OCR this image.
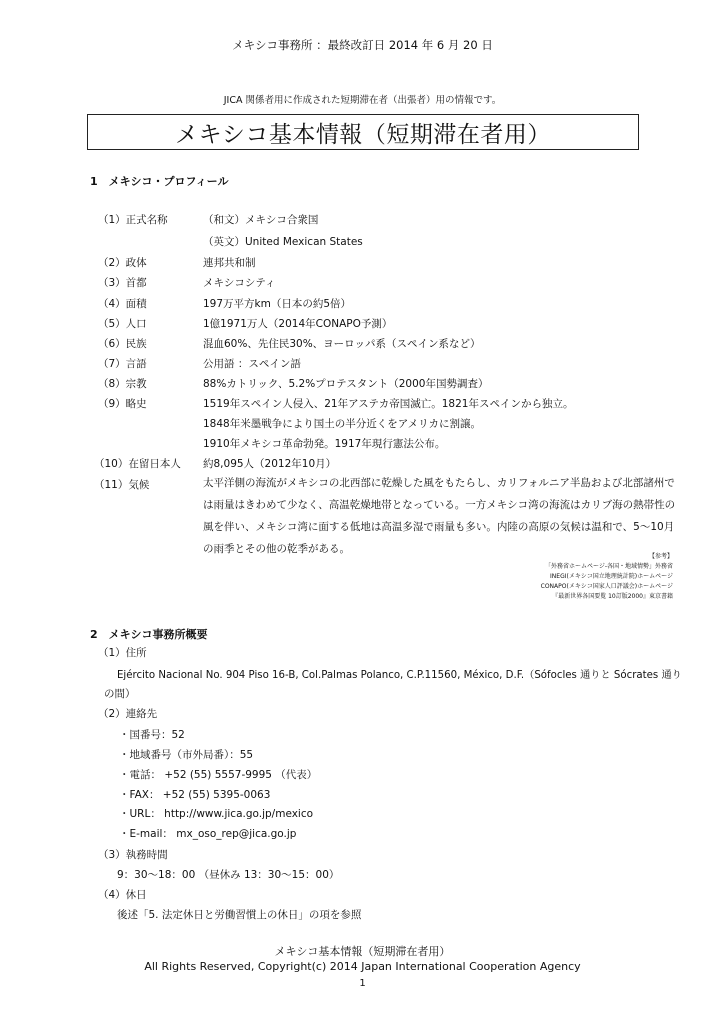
メキシコ事務所 ：最終改訂日 2014 年 6 月 20 日
JICA 関係者用に作成された短期滞在者（出張者）用の情報です。
メキシコ基本情報（短期滞在者用）
1　メキシコ・プロフィール
（1）正式名称	（和文）メキシコ合衆国
（英文）United Mexican States
（2）政体	連邦共和制
（3）首都	メキシコシティ
（4）面積	197万平方km（日本の約5倍）
（5）人口	1億1971万人（2014年CONAPO予測）
（6）民族	混血60%、先住民30%、ヨーロッパ系（スペイン系など）
（7）言語	公用語 ：スペイン語
（8）宗教	88%カトリック、5.2%プロテスタント（2000年国勢調査）
（9）略史	1519年スペイン人侵入、21年アステカ帝国滅亡。1821年スペインから独立。
1848年米墨戦争により国土の半分近くをアメリカに割譲。
1910年メキシコ革命勃発。1917年現行憲法公布。
（10）在留日本人 約8,095人（2012年10月）
（11）気候	太平洋側の海流がメキシコの北西部に乾燥した風をもたらし、カリフォルニア半島および北部諸州では雨量はきわめて少なく、高温乾燥地帯となっている。一方メキシコ湾の海流はカリブ海の熱帯性の風を伴い、メキシコ湾に面する低地は高温多湿で雨量も多い。内陸の高原の気候は温和で、5〜10月の雨季とその他の乾季がある。
【参考】
「外務省ホームページ-各国・地域情勢」外務省
INEGI(メキシコ国立地理統計院)ホームページ
CONAPO(メキシコ国家人口評議会)ホームページ
『最新世界各国要覧 10訂版2000』東京書籍
2　メキシコ事務所概要
（1）住所
Ejército Nacional No. 904 Piso 16-B, Col.Palmas Polanco, C.P.11560, México, D.F.（Sófocles 通りと Sócrates 通り
の間）
（2）連絡先
・国番号：52
・地域番号（市外局番）：55
・電話： +52 (55) 5557-9995 （代表）
・FAX： +52 (55) 5395-0063
・URL： http://www.jica.go.jp/mexico
・E-mail： mx_oso_rep@jica.go.jp
（3）執務時間
9：30〜18：00 （昼休み 13：30〜15：00）
（4）休日
後述「5. 法定休日と労働習慣上の休日」の項を参照
メキシコ基本情報（短期滞在者用）
All Rights Reserved, Copyright(c) 2014 Japan International Cooperation Agency
1
